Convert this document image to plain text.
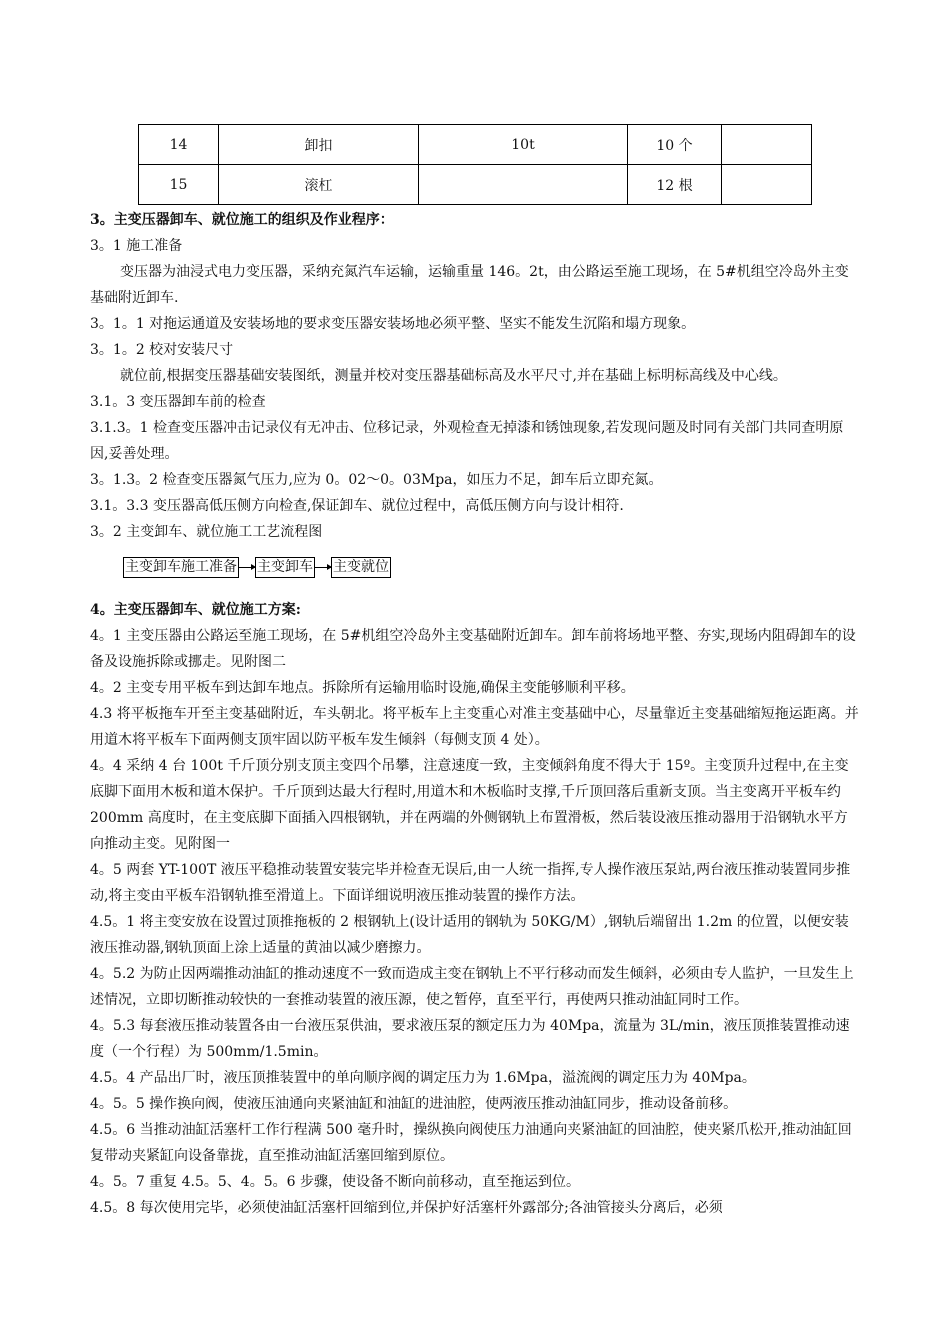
14	卸扣	10t	10 个	
15	滚杠		12 根	
3。主变压器卸车、就位施工的组织及作业程序：

3。1 施工准备

变压器为油浸式电力变压器，采纳充氮汽车运输，运输重量 146。2t，由公路运至施工现场，在 5#机组空冷岛外主变基础附近卸车.

3。1。1 对拖运通道及安装场地的要求变压器安装场地必须平整、坚实不能发生沉陷和塌方现象。

3。1。2 校对安装尺寸

就位前,根据变压器基础安装图纸，测量并校对变压器基础标高及水平尺寸,并在基础上标明标高线及中心线。

3.1。3 变压器卸车前的检查

3.1.3。1 检查变压器冲击记录仪有无冲击、位移记录，外观检查无掉漆和锈蚀现象,若发现问题及时同有关部门共同查明原因,妥善处理。

3。1.3。2 检查变压器氮气压力,应为 0。02～0。03Mpa，如压力不足，卸车后立即充氮。

3.1。3.3 变压器高低压侧方向检查,保证卸车、就位过程中，高低压侧方向与设计相符.

3。2 主变卸车、就位施工工艺流程图

主变卸车施工准备 主变卸车 主变就位
4。主变压器卸车、就位施工方案:

4。1 主变压器由公路运至施工现场，在 5#机组空冷岛外主变基础附近卸车。卸车前将场地平整、夯实,现场内阻碍卸车的设备及设施拆除或挪走。见附图二

4。2 主变专用平板车到达卸车地点。拆除所有运输用临时设施,确保主变能够顺利平移。

4.3 将平板拖车开至主变基础附近，车头朝北。将平板车上主变重心对准主变基础中心，尽量靠近主变基础缩短拖运距离。并用道木将平板车下面两侧支顶牢固以防平板车发生倾斜（每侧支顶 4 处）。

4。4 采纳 4 台 100t 千斤顶分别支顶主变四个吊攀，注意速度一致，主变倾斜角度不得大于 15º。主变顶升过程中,在主变底脚下面用木板和道木保护。千斤顶到达最大行程时,用道木和木板临时支撑,千斤顶回落后重新支顶。当主变离开平板车约 200mm 高度时，在主变底脚下面插入四根钢轨，并在两端的外侧钢轨上布置滑板，然后装设液压推动器用于沿钢轨水平方向推动主变。见附图一

4。5 两套 YT-100T 液压平稳推动装置安装完毕并检查无误后,由一人统一指挥,专人操作液压泵站,两台液压推动装置同步推动,将主变由平板车沿钢轨推至滑道上。下面详细说明液压推动装置的操作方法。

4.5。1 将主变安放在设置过顶推拖板的 2 根钢轨上(设计适用的钢轨为 50KG/M）,钢轨后端留出 1.2m 的位置，以便安装液压推动器,钢轨顶面上涂上适量的黄油以减少磨擦力。

4。5.2 为防止因两端推动油缸的推动速度不一致而造成主变在钢轨上不平行移动而发生倾斜，必须由专人监护，一旦发生上述情况，立即切断推动较快的一套推动装置的液压源，使之暂停，直至平行，再使两只推动油缸同时工作。

4。5.3 每套液压推动装置各由一台液压泵供油，要求液压泵的额定压力为 40Mpa，流量为 3L/min，液压顶推装置推动速度（一个行程）为 500mm/1.5min。

4.5。4 产品出厂时，液压顶推装置中的单向顺序阀的调定压力为 1.6Mpa，溢流阀的调定压力为 40Mpa。

4。5。5 操作换向阀，使液压油通向夹紧油缸和油缸的进油腔，使两液压推动油缸同步，推动设备前移。

4.5。6 当推动油缸活塞杆工作行程满 500 毫升时，操纵换向阀使压力油通向夹紧油缸的回油腔，使夹紧爪松开,推动油缸回复带动夹紧缸向设备靠拢，直至推动油缸活塞回缩到原位。

4。5。7 重复 4.5。5、4。5。6 步骤，使设备不断向前移动，直至拖运到位。

4.5。8 每次使用完毕，必须使油缸活塞杆回缩到位,并保护好活塞杆外露部分;各油管接头分离后，必须
